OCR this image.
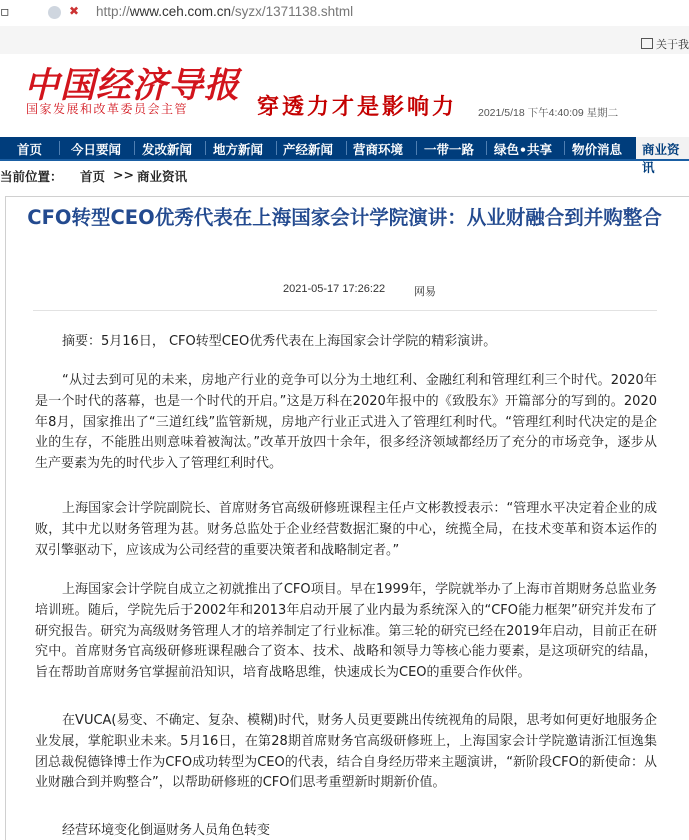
▫	✖ http://www.ceh.com.cn/syzx/1371138.shtml
关于我
中国经济导报
国家发展和改革委员会主管	穿透力才是影响力 2021/5/18 下午4:40:09 星期二
首页 今日要闻 发改新闻 地方新闻 产经新闻 营商环境 一带一路 绿色•共享 物价消息	商业资讯
当前位置： 首页 >> 商业资讯
CFO转型CEO优秀代表在上海国家会计学院演讲：从业财融合到并购整合
2021-05-17 17:26:22	网易

摘要：5月16日， CFO转型CEO优秀代表在上海国家会计学院的精彩演讲。

“从过去到可见的未来，房地产行业的竞争可以分为土地红利、金融红利和管理红利三个时代。2020年是一个时代的落幕，也是一个时代的开启。”这是万科在2020年报中的《致股东》开篇部分的写到的。2020年8月，国家推出了“三道红线”监管新规，房地产行业正式进入了管理红利时代。“管理红利时代决定的是企业的生存，不能胜出则意味着被淘汰。”改革开放四十余年，很多经济领域都经历了充分的市场竞争，逐步从生产要素为先的时代步入了管理红利时代。

上海国家会计学院副院长、首席财务官高级研修班课程主任卢文彬教授表示：“管理水平决定着企业的成败，其中尤以财务管理为甚。财务总监处于企业经营数据汇聚的中心，统揽全局，在技术变革和资本运作的双引擎驱动下，应该成为公司经营的重要决策者和战略制定者。”

上海国家会计学院自成立之初就推出了CFO项目。早在1999年，学院就举办了上海市首期财务总监业务培训班。随后，学院先后于2002年和2013年启动开展了业内最为系统深入的“CFO能力框架”研究并发布了研究报告。研究为高级财务管理人才的培养制定了行业标准。第三轮的研究已经在2019年启动，目前正在研究中。首席财务官高级研修班课程融合了资本、技术、战略和领导力等核心能力要素，是这项研究的结晶，旨在帮助首席财务官掌握前沿知识，培育战略思维，快速成长为CEO的重要合作伙伴。

在VUCA(易变、不确定、复杂、模糊)时代，财务人员更要跳出传统视角的局限，思考如何更好地服务企业发展，掌舵职业未来。5月16日，在第28期首席财务官高级研修班上，上海国家会计学院邀请浙江恒逸集团总裁倪德锋博士作为CFO成功转型为CEO的代表，结合自身经历带来主题演讲，“新阶段CFO的新使命：从业财融合到并购整合”，以帮助研修班的CFO们思考重塑新时期新价值。

经营环境变化倒逼财务人员角色转变
